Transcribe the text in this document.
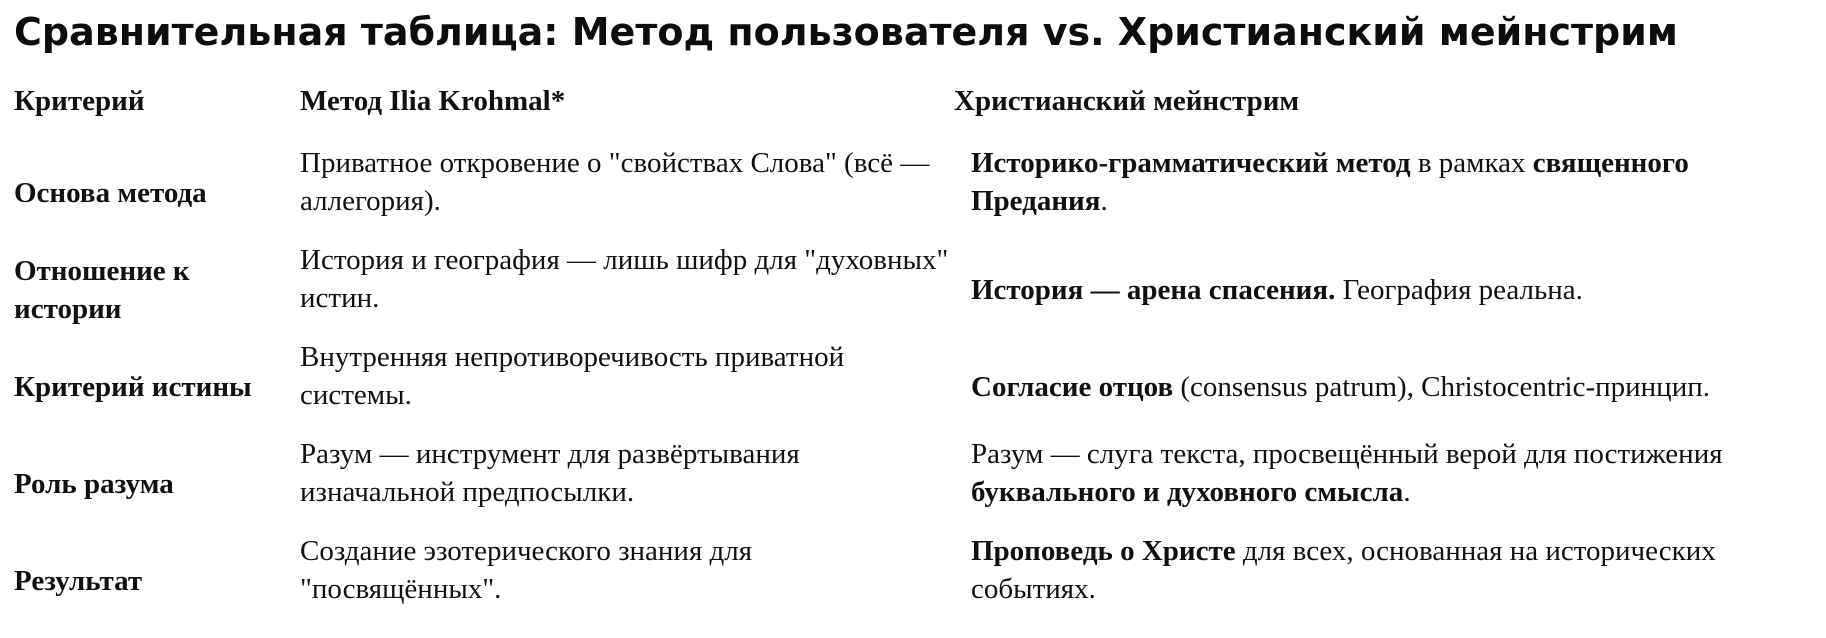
Сравнительная таблица: Метод пользователя vs. Христианский мейнстрим
Критерий	Метод Ilia Krohmal*	Христианский мейнстрим
Основа метода	Приватное откровение о "свойствах Слова" (всё — аллегория).	Историко-грамматический метод в рамках священного Предания.
Отношение к истории	История и география — лишь шифр для "духовных" истин.	История — арена спасения. География реальна.
Критерий истины	Внутренняя непротиворечивость приватной системы.	Согласие отцов (consensus patrum), Christocentric-принцип.
Роль разума	Разум — инструмент для развёртывания изначальной предпосылки.	Разум — слуга текста, просвещённый верой для постижения буквального и духовного смысла.
Результат	Создание эзотерического знания для "посвящённых".	Проповедь о Христе для всех, основанная на исторических событиях.
